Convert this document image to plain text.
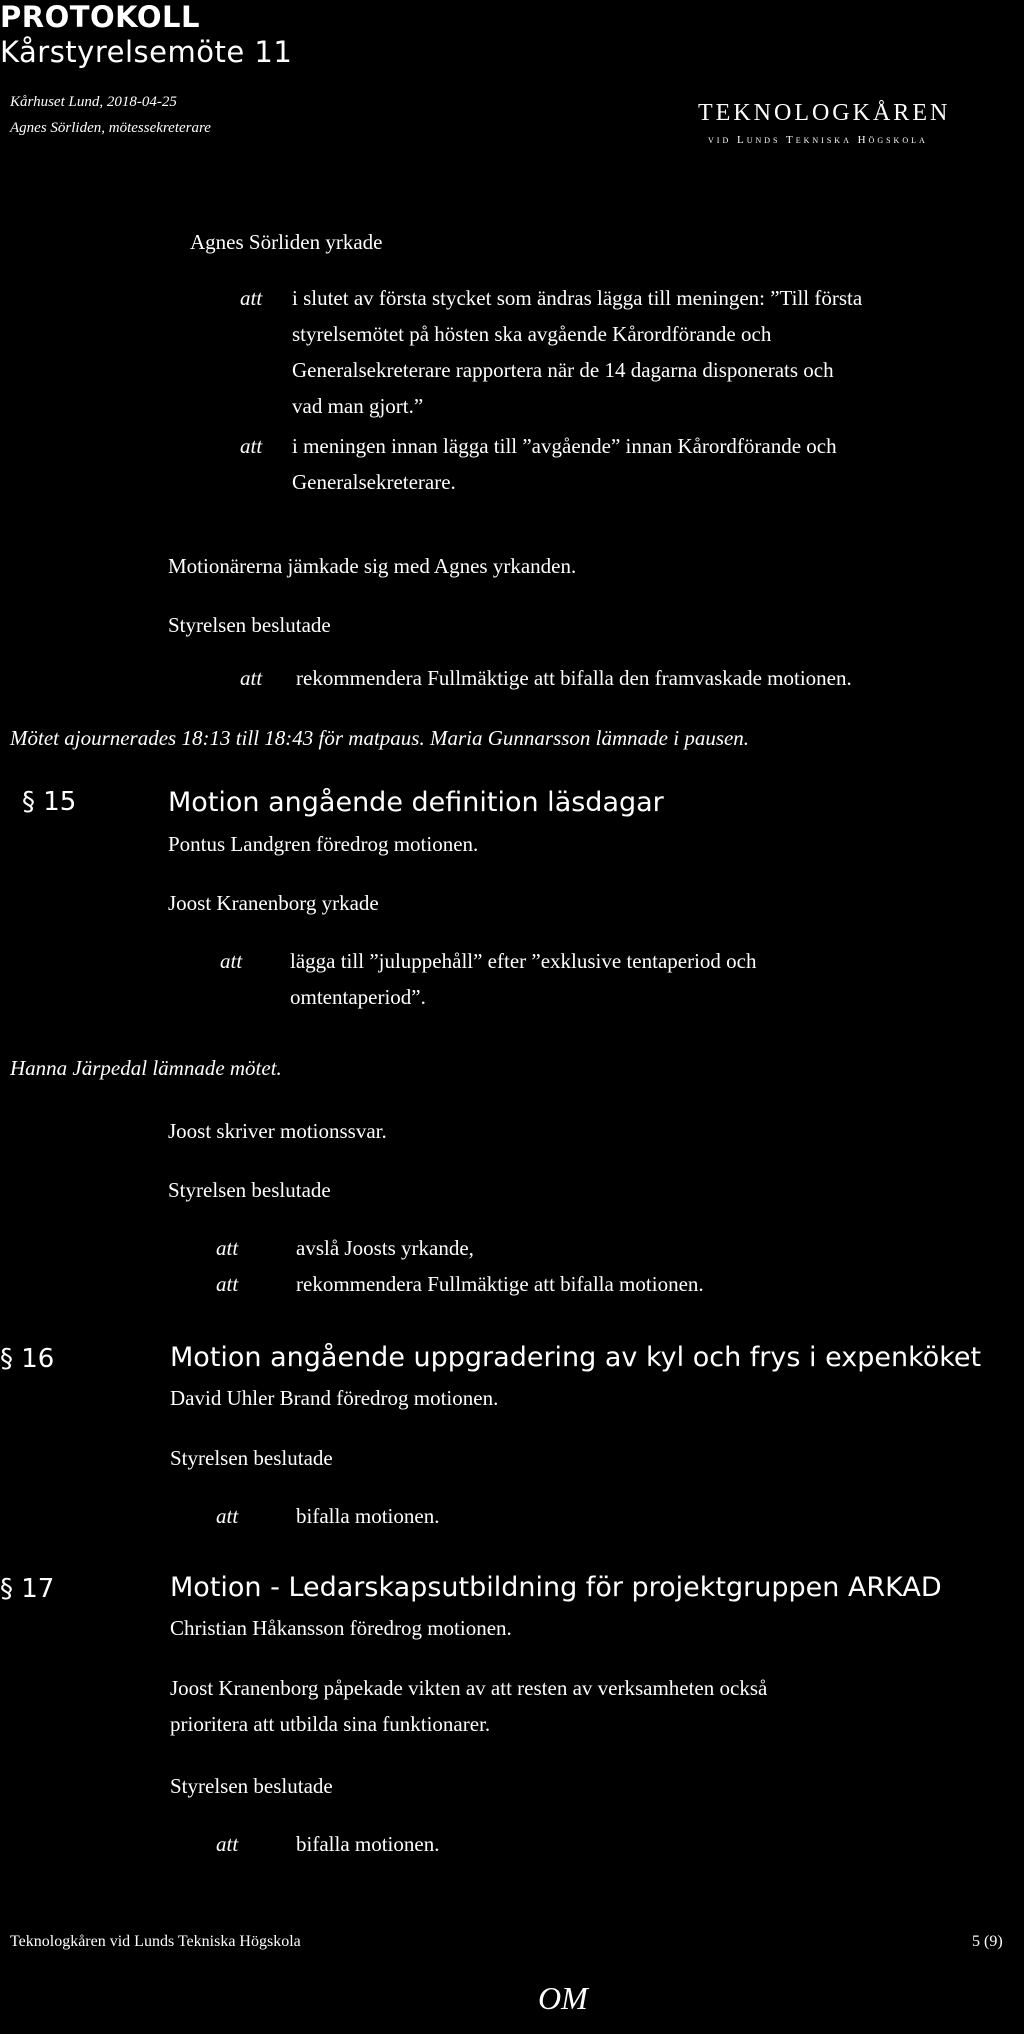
PROTOKOLL
Kårstyrelsemöte 11
Kårhuset Lund, 2018-04-25
Agnes Sörliden, mötessekreterare
TEKNOLOGKÅREN
vid Lunds Tekniska Högskola
Agnes Sörliden yrkade
att i slutet av första stycket som ändras lägga till meningen: ”Till första
styrelsemötet på hösten ska avgående Kårordförande och
Generalsekreterare rapportera när de 14 dagarna disponerats och
vad man gjort.”
att i meningen innan lägga till ”avgående” innan Kårordförande och
Generalsekreterare.
Motionärerna jämkade sig med Agnes yrkanden.
Styrelsen beslutade
att rekommendera Fullmäktige att bifalla den framvaskade motionen.
Mötet ajournerades 18:13 till 18:43 för matpaus. Maria Gunnarsson lämnade i pausen.
§ 15	Motion angående definition läsdagar
Pontus Landgren föredrog motionen.
Joost Kranenborg yrkade
att lägga till ”juluppehåll” efter ”exklusive tentaperiod och
omtentaperiod”.
Hanna Järpedal lämnade mötet.
Joost skriver motionssvar.
Styrelsen beslutade
att	avslå Joosts yrkande,
att	rekommendera Fullmäktige att bifalla motionen.
§ 16	Motion angående uppgradering av kyl och frys i expenköket
David Uhler Brand föredrog motionen.
Styrelsen beslutade
att	bifalla motionen.
§ 17	Motion - Ledarskapsutbildning för projektgruppen ARKAD
Christian Håkansson föredrog motionen.
Joost Kranenborg påpekade vikten av att resten av verksamheten också
prioritera att utbilda sina funktionarer.
Styrelsen beslutade
att	bifalla motionen.
Teknologkåren vid Lunds Tekniska Högskola	5 (9)
OM
